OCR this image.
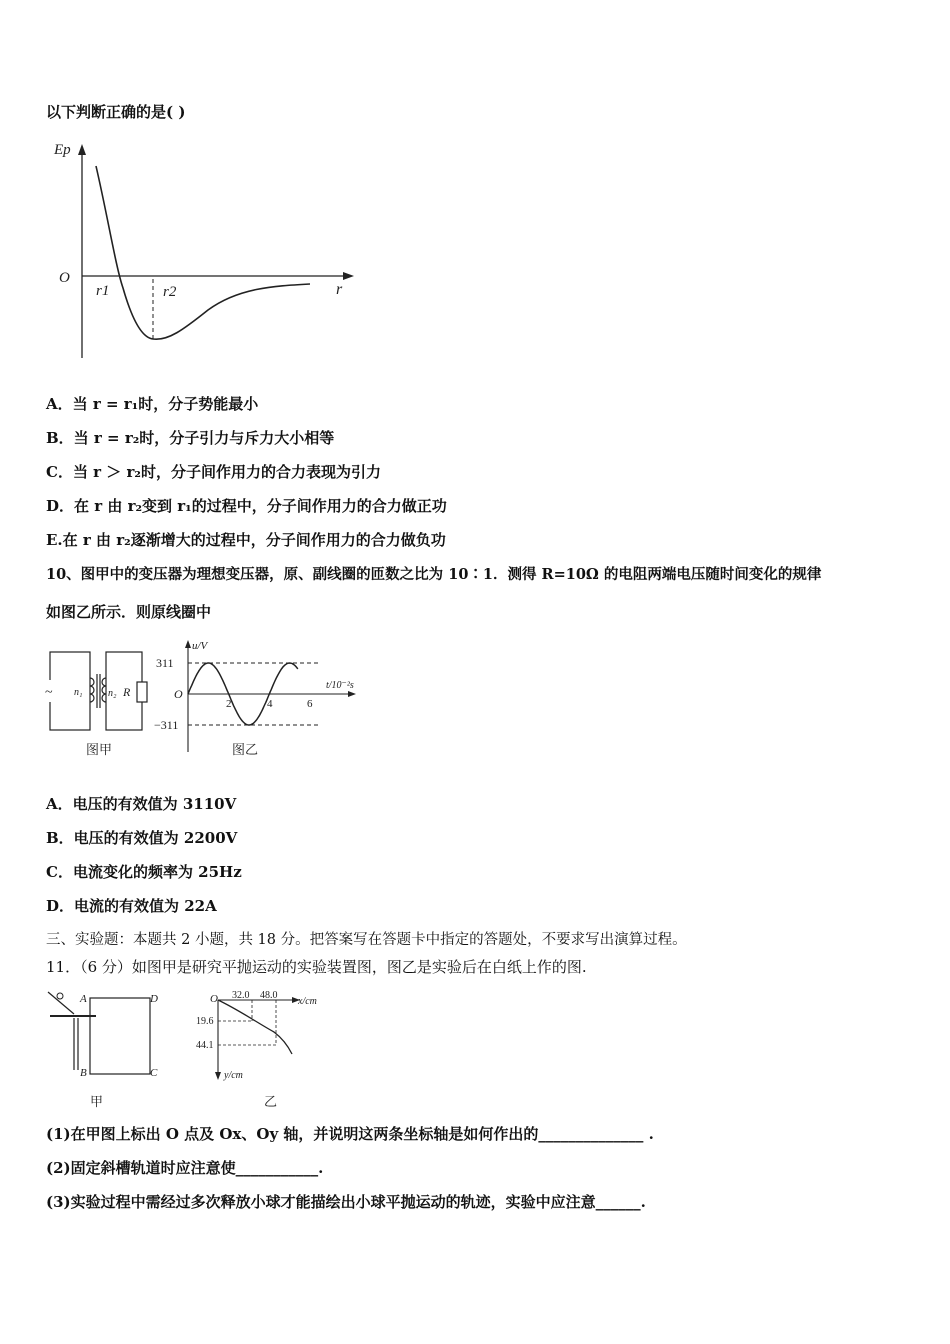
以下判断正确的是( )
Ep
O
r1	r2	r
A．当 r = r₁时，分子势能最小
B．当 r = r₂时，分子引力与斥力大小相等
C．当 r ＞ r₂时，分子间作用力的合力表现为引力
D．在 r 由 r₂变到 r₁的过程中，分子间作用力的合力做正功
E.在 r 由 r₂逐渐增大的过程中，分子间作用力的合力做负功
10、图甲中的变压器为理想变压器，原、副线圈的匝数之比为 10∶1．测得 R=10Ω 的电阻两端电压随时间变化的规律
如图乙所示．则原线圈中
~ n₁	n₂ R
图甲
311
O
−311
u/V
t/10⁻²s
2	4	6
图乙
A．电压的有效值为 3110V
B．电压的有效值为 2200V
C．电流变化的频率为 25Hz
D．电流的有效值为 22A
三、实验题：本题共 2 小题，共 18 分。把答案写在答题卡中指定的答题处，不要求写出演算过程。
11．（6 分）如图甲是研究平抛运动的实验装置图，图乙是实验后在白纸上作的图.
A	D
B	C
甲
O 32.0 48.0
x/cm
19.6
44.1
y/cm
乙
(1)在甲图上标出 O 点及 Ox、Oy 轴，并说明这两条坐标轴是如何作出的______________ .
(2)固定斜槽轨道时应注意使___________.
(3)实验过程中需经过多次释放小球才能描绘出小球平抛运动的轨迹，实验中应注意______.
